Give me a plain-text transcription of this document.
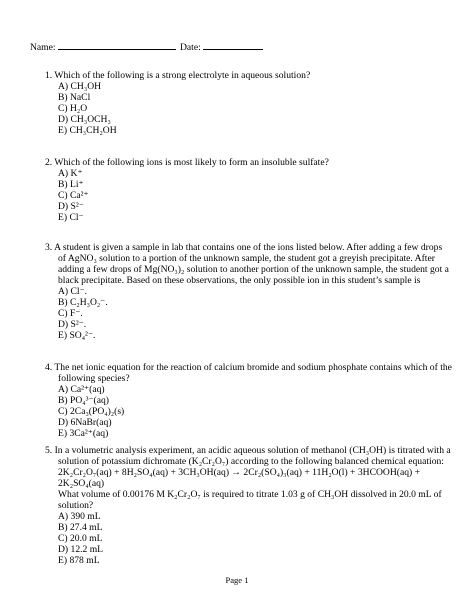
Name:	Date:
1. Which of the following is a strong electrolyte in aqueous solution?
A) CH₃OH
B) NaCl
C) H₂O
D) CH₃OCH₃
E) CH₃CH₂OH
2. Which of the following ions is most likely to form an insoluble sulfate?
A) K⁺
B) Li⁺
C) Ca²⁺
D) S²⁻
E) Cl⁻
3. A student is given a sample in lab that contains one of the ions listed below. After adding a few drops
of AgNO₃ solution to a portion of the unknown sample, the student got a greyish precipitate. After
adding a few drops of Mg(NO₃)₂ solution to another portion of the unknown sample, the student got a
black precipitate. Based on these observations, the only possible ion in this student’s sample is
A) Cl⁻.
B) C₂H₃O₂⁻.
C) F⁻.
D) S²⁻.
E) SO₄²⁻.
4. The net ionic equation for the reaction of calcium bromide and sodium phosphate contains which of the
following species?
A) Ca²⁺(aq)
B) PO₄³⁻(aq)
C) 2Ca₃(PO₄)₂(s)
D) 6NaBr(aq)
E) 3Ca²⁺(aq)
5. In a volumetric analysis experiment, an acidic aqueous solution of methanol (CH₃OH) is titrated with a
solution of potassium dichromate (K₂Cr₂O₇) according to the following balanced chemical equation:
2K₂Cr₂O₇(aq) + 8H₂SO₄(aq) + 3CH₃OH(aq) → 2Cr₂(SO₄)₃(aq) + 11H₂O(l) + 3HCOOH(aq) +
2K₂SO₄(aq)
What volume of 0.00176 M K₂Cr₂O₇ is required to titrate 1.03 g of CH₃OH dissolved in 20.0 mL of
solution?
A) 390 mL
B) 27.4 mL
C) 20.0 mL
D) 12.2 mL
E) 878 mL
Page 1
